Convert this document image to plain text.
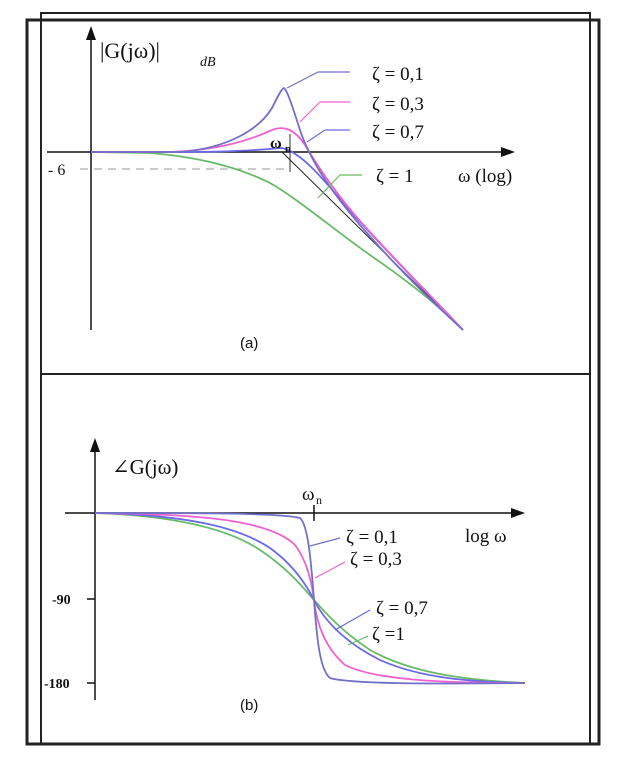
- 6
|G(jω)|	dB
ω (log)
ω n
ζ = 0,1
ζ = 0,3
ζ = 0,7
ζ = 1
(a)
-90
-180
∠G(jω)
log ω
ω n
ζ = 0,1
ζ = 0,3
ζ = 0,7
ζ =1
(b)
